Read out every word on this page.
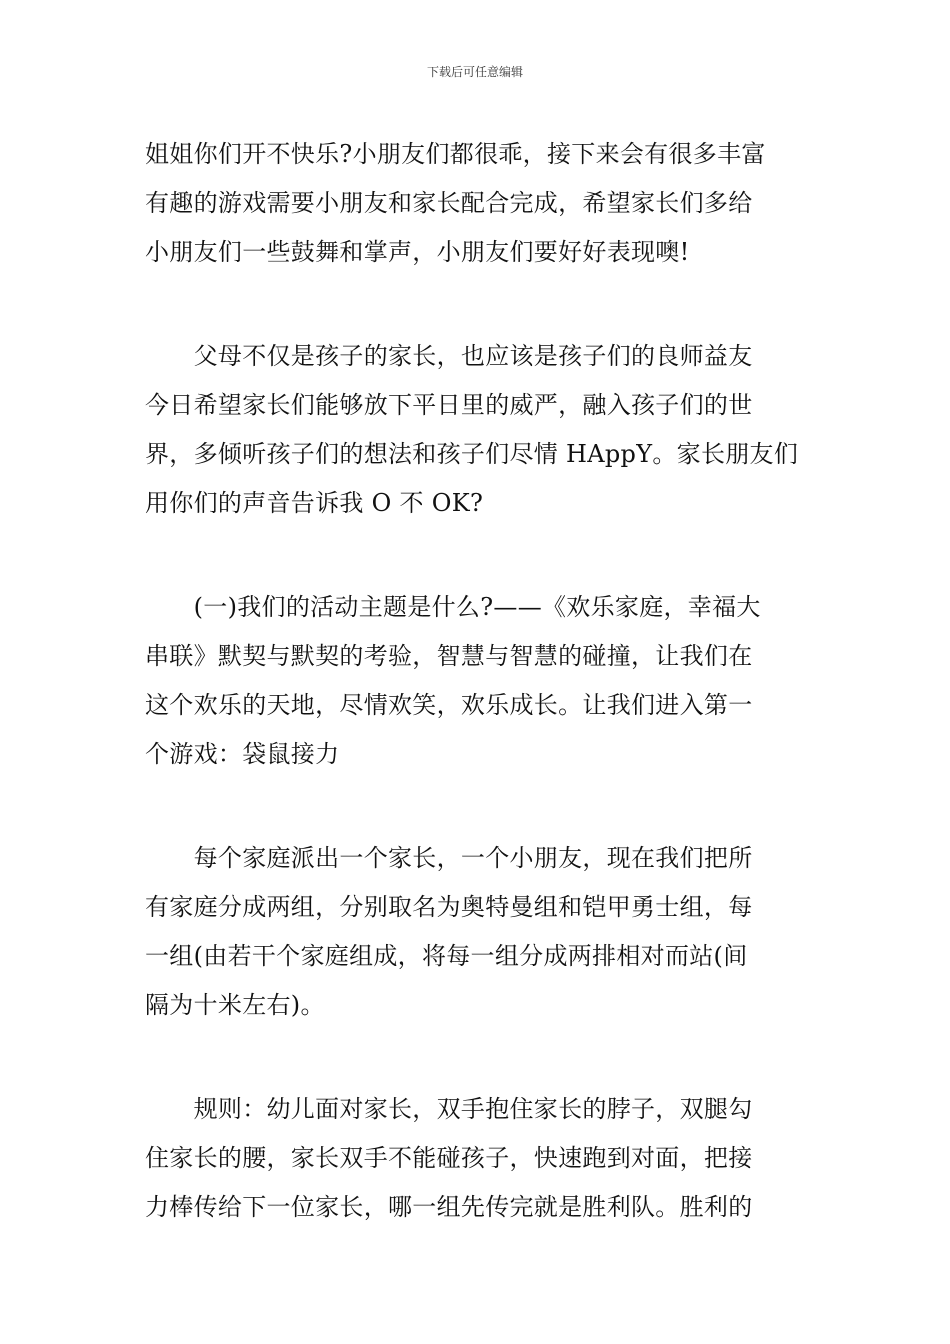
下载后可任意编辑

姐姐你们开不快乐?小朋友们都很乖，接下来会有很多丰富
有趣的游戏需要小朋友和家长配合完成，希望家长们多给
小朋友们一些鼓舞和掌声，小朋友们要好好表现噢!

　　父母不仅是孩子的家长，也应该是孩子们的良师益友
今日希望家长们能够放下平日里的威严，融入孩子们的世
界，多倾听孩子们的想法和孩子们尽情 HAppY。家长朋友们
用你们的声音告诉我 O 不 OK?

　　(一)我们的活动主题是什么?——《欢乐家庭，幸福大
串联》默契与默契的考验，智慧与智慧的碰撞，让我们在
这个欢乐的天地，尽情欢笑，欢乐成长。让我们进入第一
个游戏：袋鼠接力

　　每个家庭派出一个家长，一个小朋友，现在我们把所
有家庭分成两组，分别取名为奥特曼组和铠甲勇士组，每
一组(由若干个家庭组成，将每一组分成两排相对而站(间
隔为十米左右)。

　　规则：幼儿面对家长，双手抱住家长的脖子，双腿勾
住家长的腰，家长双手不能碰孩子，快速跑到对面，把接
力棒传给下一位家长，哪一组先传完就是胜利队。胜利的
